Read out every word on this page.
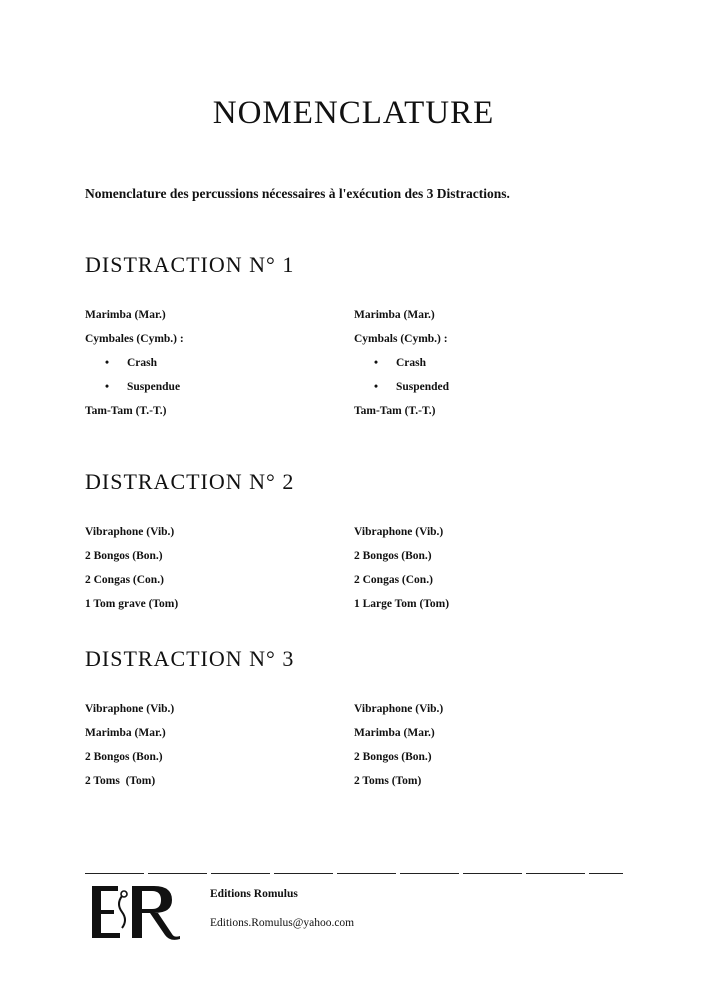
NOMENCLATURE

Nomenclature des percussions nécessaires à l'exécution des 3 Distractions.

DISTRACTION N° 1
Marimba (Mar.)
Cymbales (Cymb.) :
• Crash
• Suspendue
Tam-Tam (T.-T.)
Marimba (Mar.)
Cymbals (Cymb.) :
• Crash
• Suspended
Tam-Tam (T.-T.)
DISTRACTION N° 2
Vibraphone (Vib.)
2 Bongos (Bon.)
2 Congas (Con.)
1 Tom grave (Tom)
Vibraphone (Vib.)
2 Bongos (Bon.)
2 Congas (Con.)
1 Large Tom (Tom)
DISTRACTION N° 3
Vibraphone (Vib.)
Marimba (Mar.)
2 Bongos (Bon.)
2 Toms  (Tom)
Vibraphone (Vib.)
Marimba (Mar.)
2 Bongos (Bon.)
2 Toms (Tom)

Editions Romulus

Editions.Romulus@yahoo.com
